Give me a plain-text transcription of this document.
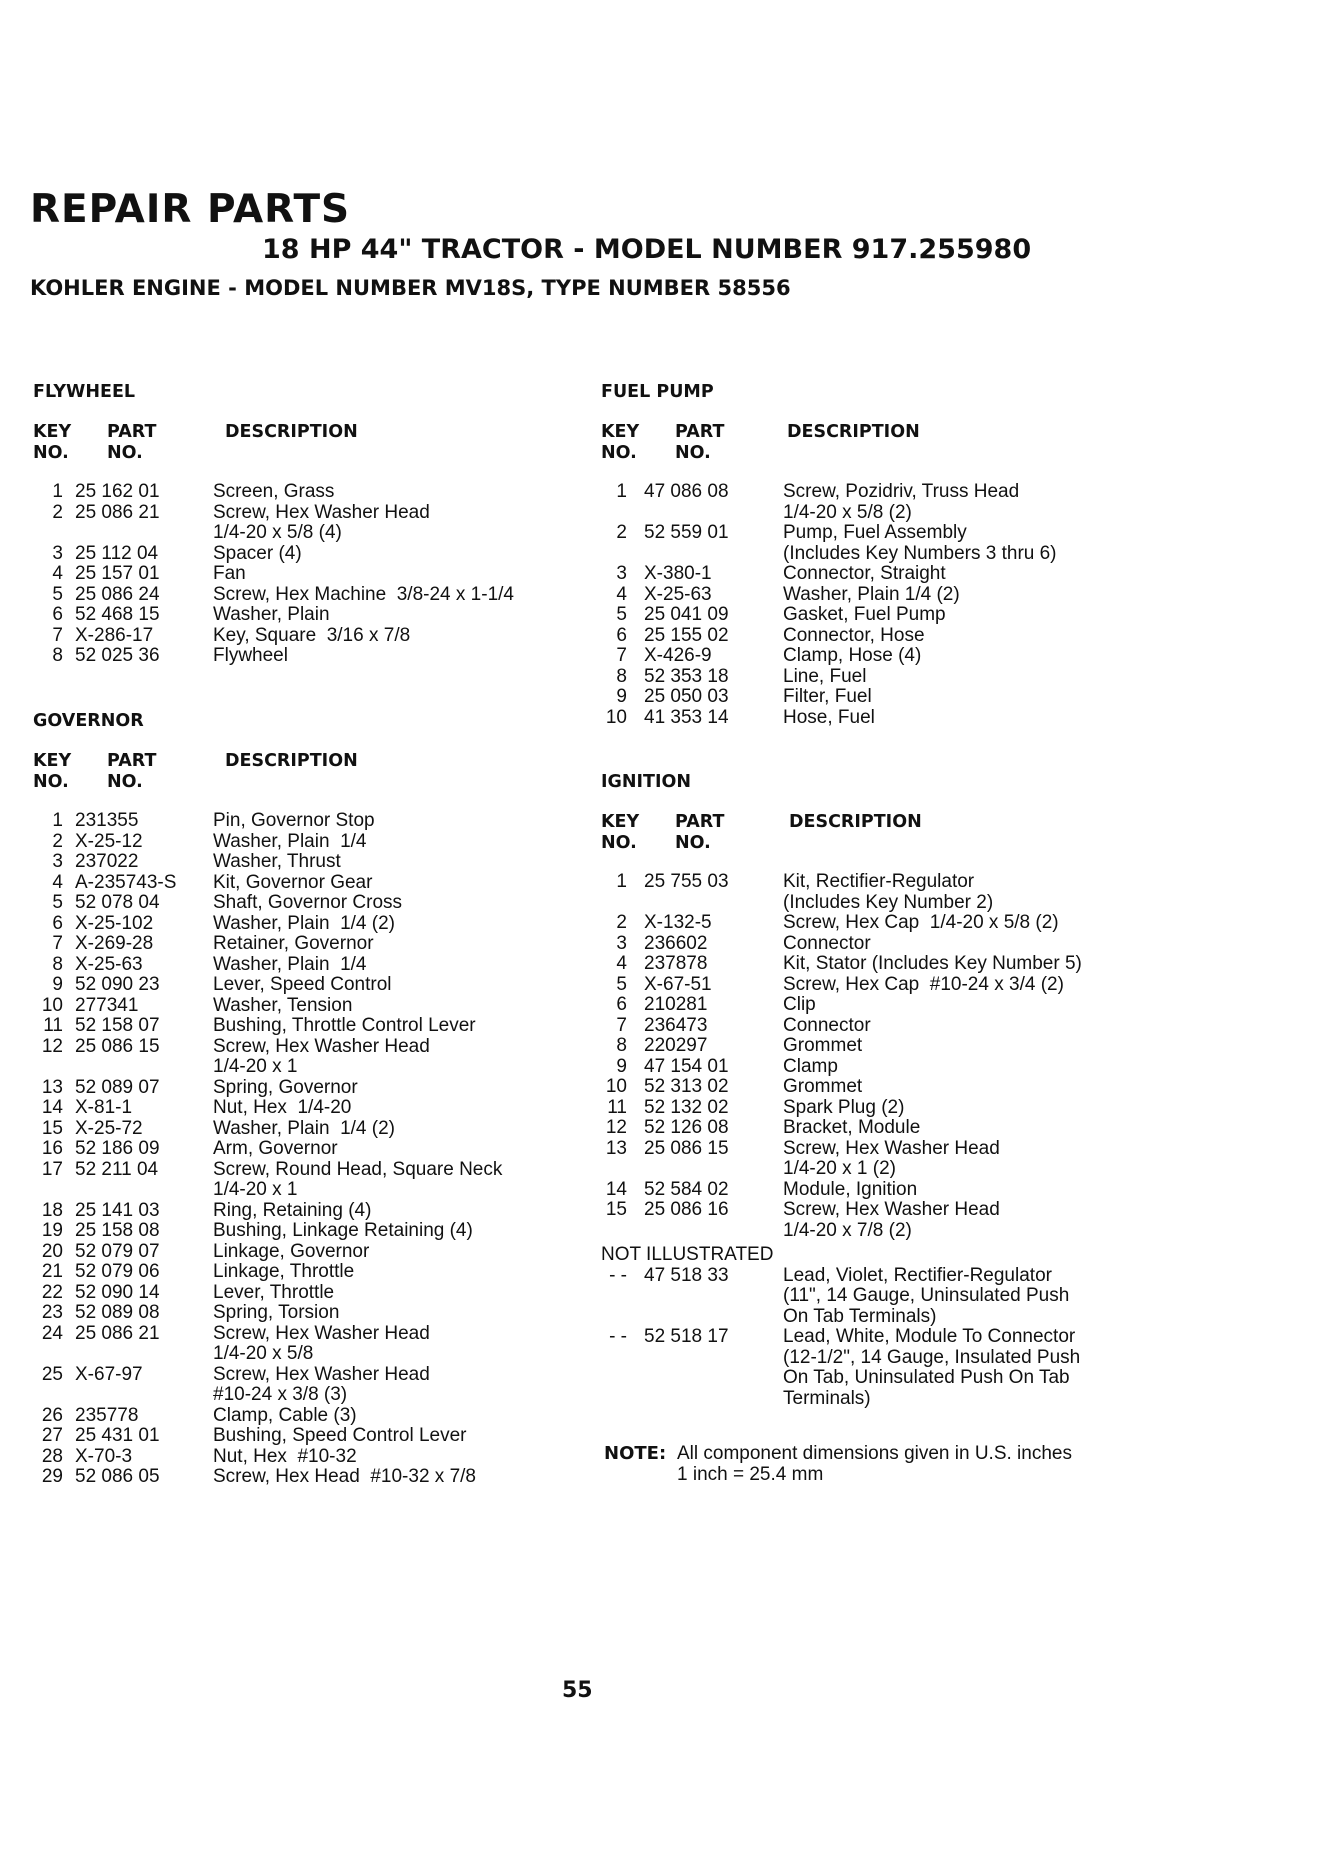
REPAIR PARTS
18 HP 44" TRACTOR - MODEL NUMBER 917.255980
KOHLER ENGINE - MODEL NUMBER MV18S, TYPE NUMBER 58556
FLYWHEEL
KEY
NO.
PART
NO.
DESCRIPTION
1 25 162 01	Screen, Grass
2 25 086 21	Screw, Hex Washer Head
1/4-20 x 5/8 (4)
3 25 112 04	Spacer (4)
4 25 157 01	Fan
5 25 086 24	Screw, Hex Machine  3/8-24 x 1-1/4
6 52 468 15	Washer, Plain
7 X-286-17	Key, Square  3/16 x 7/8
8 52 025 36	Flywheel
GOVERNOR
KEY
NO.
PART
NO.
DESCRIPTION
1 231355	Pin, Governor Stop
2 X-25-12	Washer, Plain  1/4
3 237022	Washer, Thrust
4 A-235743-S	Kit, Governor Gear
5 52 078 04	Shaft, Governor Cross
6 X-25-102	Washer, Plain  1/4 (2)
7 X-269-28	Retainer, Governor
8 X-25-63	Washer, Plain  1/4
9 52 090 23	Lever, Speed Control
10 277341	Washer, Tension
11 52 158 07	Bushing, Throttle Control Lever
12 25 086 15	Screw, Hex Washer Head
1/4-20 x 1
13 52 089 07	Spring, Governor
14 X-81-1	Nut, Hex  1/4-20
15 X-25-72	Washer, Plain  1/4 (2)
16 52 186 09	Arm, Governor
17 52 211 04	Screw, Round Head, Square Neck
1/4-20 x 1
18 25 141 03	Ring, Retaining (4)
19 25 158 08	Bushing, Linkage Retaining (4)
20 52 079 07	Linkage, Governor
21 52 079 06	Linkage, Throttle
22 52 090 14	Lever, Throttle
23 52 089 08	Spring, Torsion
24 25 086 21	Screw, Hex Washer Head
1/4-20 x 5/8
25 X-67-97	Screw, Hex Washer Head
#10-24 x 3/8 (3)
26 235778	Clamp, Cable (3)
27 25 431 01	Bushing, Speed Control Lever
28 X-70-3	Nut, Hex  #10-32
29 52 086 05	Screw, Hex Head  #10-32 x 7/8
FUEL PUMP
KEY
NO.
PART
NO.
DESCRIPTION
1 47 086 08	Screw, Pozidriv, Truss Head
1/4-20 x 5/8 (2)
2 52 559 01	Pump, Fuel Assembly
(Includes Key Numbers 3 thru 6)
3 X-380-1	Connector, Straight
4 X-25-63	Washer, Plain 1/4 (2)
5 25 041 09	Gasket, Fuel Pump
6 25 155 02	Connector, Hose
7 X-426-9	Clamp, Hose (4)
8 52 353 18	Line, Fuel
9 25 050 03	Filter, Fuel
10 41 353 14	Hose, Fuel
IGNITION
KEY
NO.
PART
NO.
DESCRIPTION
1 25 755 03	Kit, Rectifier-Regulator
(Includes Key Number 2)
2 X-132-5	Screw, Hex Cap  1/4-20 x 5/8 (2)
3 236602	Connector
4 237878	Kit, Stator (Includes Key Number 5)
5 X-67-51	Screw, Hex Cap  #10-24 x 3/4 (2)
6 210281	Clip
7 236473	Connector
8 220297	Grommet
9 47 154 01	Clamp
10 52 313 02	Grommet
11 52 132 02	Spark Plug (2)
12 52 126 08	Bracket, Module
13 25 086 15	Screw, Hex Washer Head
1/4-20 x 1 (2)
14 52 584 02	Module, Ignition
15 25 086 16	Screw, Hex Washer Head
1/4-20 x 7/8 (2)
NOT ILLUSTRATED
- - 47 518 33	Lead, Violet, Rectifier-Regulator
(11", 14 Gauge, Uninsulated Push
On Tab Terminals)
- - 52 518 17	Lead, White, Module To Connector
(12-1/2", 14 Gauge, Insulated Push
On Tab, Uninsulated Push On Tab
Terminals)
NOTE: All component dimensions given in U.S. inches
1 inch = 25.4 mm

55
